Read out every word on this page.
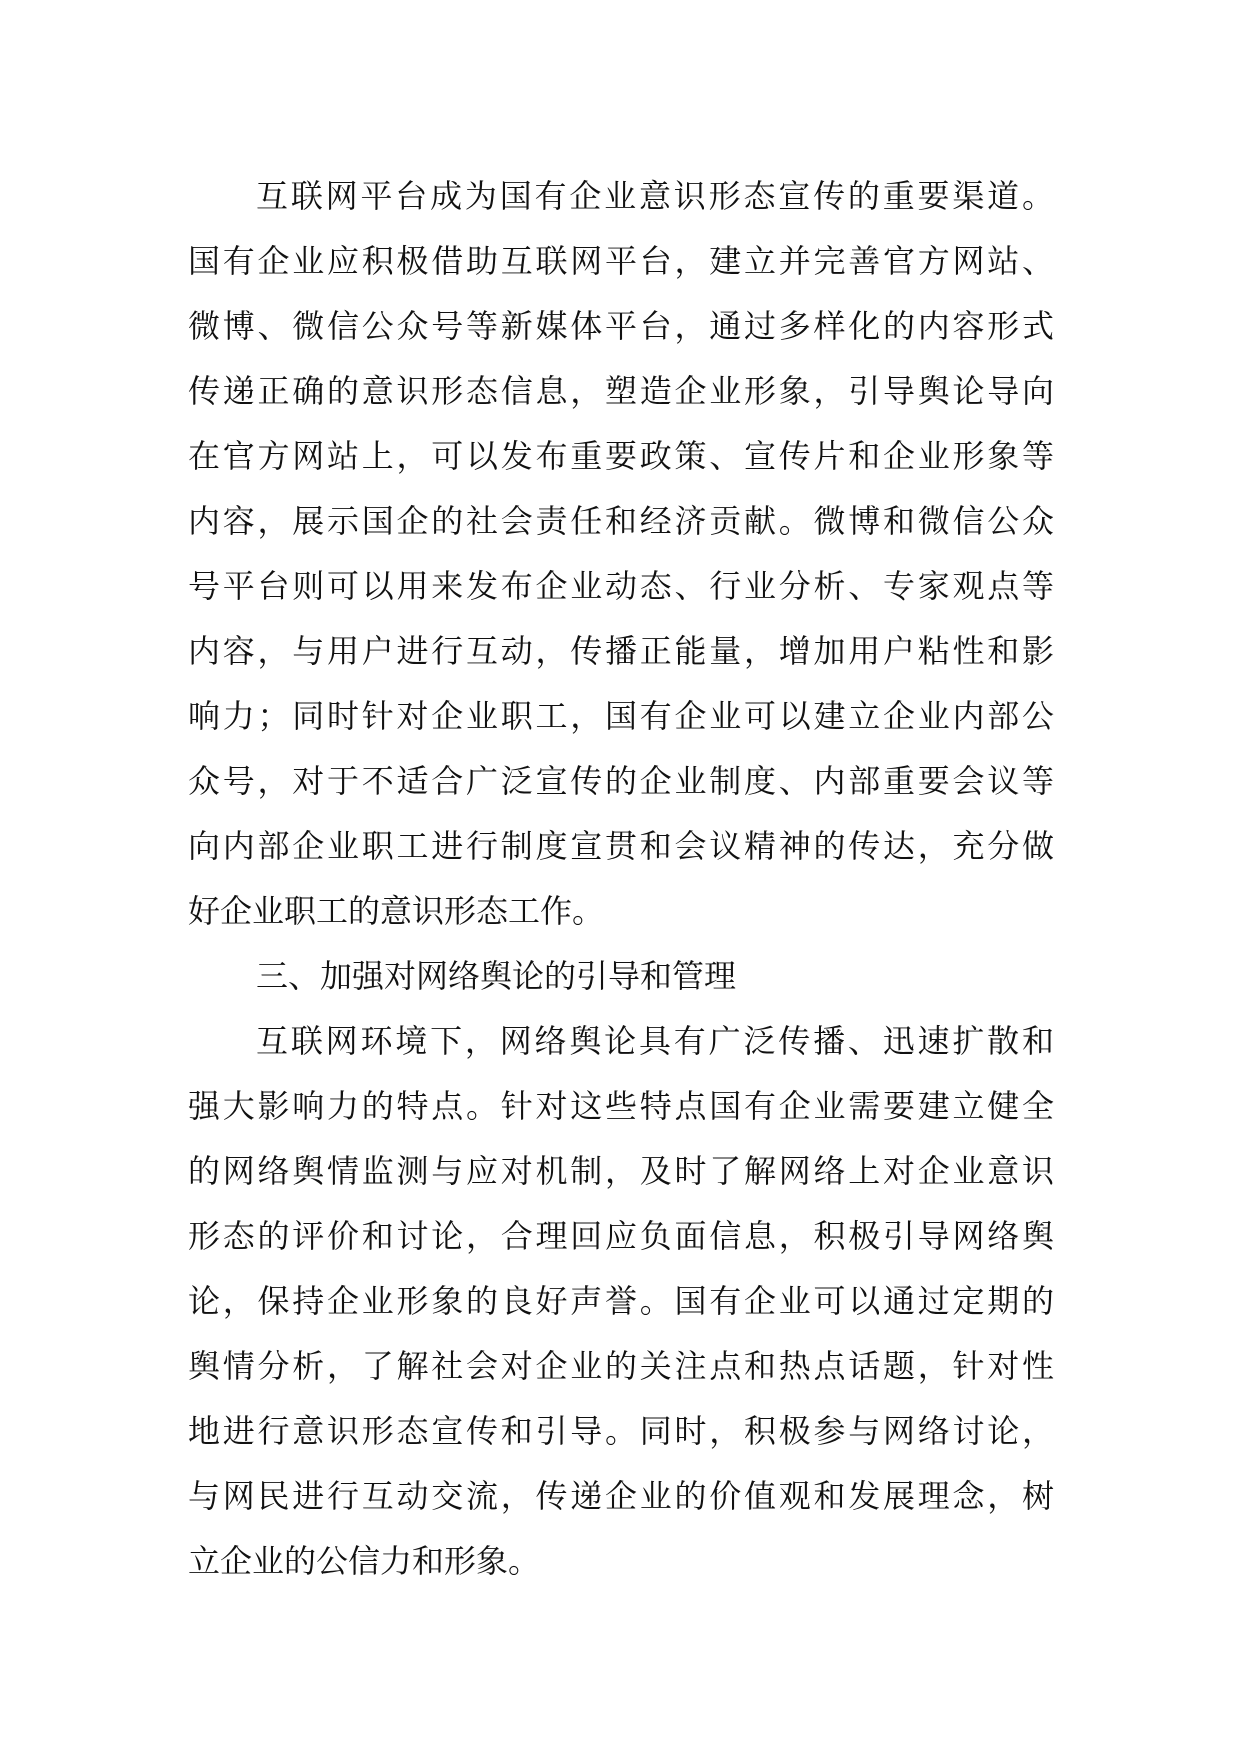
互联网平台成为国有企业意识形态宣传的重要渠道。
国有企业应积极借助互联网平台，建立并完善官方网站、
微博、微信公众号等新媒体平台，通过多样化的内容形式
传递正确的意识形态信息，塑造企业形象，引导舆论导向
在官方网站上，可以发布重要政策、宣传片和企业形象等
内容，展示国企的社会责任和经济贡献。微博和微信公众
号平台则可以用来发布企业动态、行业分析、专家观点等
内容，与用户进行互动，传播正能量，增加用户粘性和影
响力；同时针对企业职工，国有企业可以建立企业内部公
众号，对于不适合广泛宣传的企业制度、内部重要会议等
向内部企业职工进行制度宣贯和会议精神的传达，充分做
好企业职工的意识形态工作。
三、加强对网络舆论的引导和管理
互联网环境下，网络舆论具有广泛传播、迅速扩散和
强大影响力的特点。针对这些特点国有企业需要建立健全
的网络舆情监测与应对机制，及时了解网络上对企业意识
形态的评价和讨论，合理回应负面信息，积极引导网络舆
论，保持企业形象的良好声誉。国有企业可以通过定期的
舆情分析，了解社会对企业的关注点和热点话题，针对性
地进行意识形态宣传和引导。同时，积极参与网络讨论，
与网民进行互动交流，传递企业的价值观和发展理念，树
立企业的公信力和形象。
